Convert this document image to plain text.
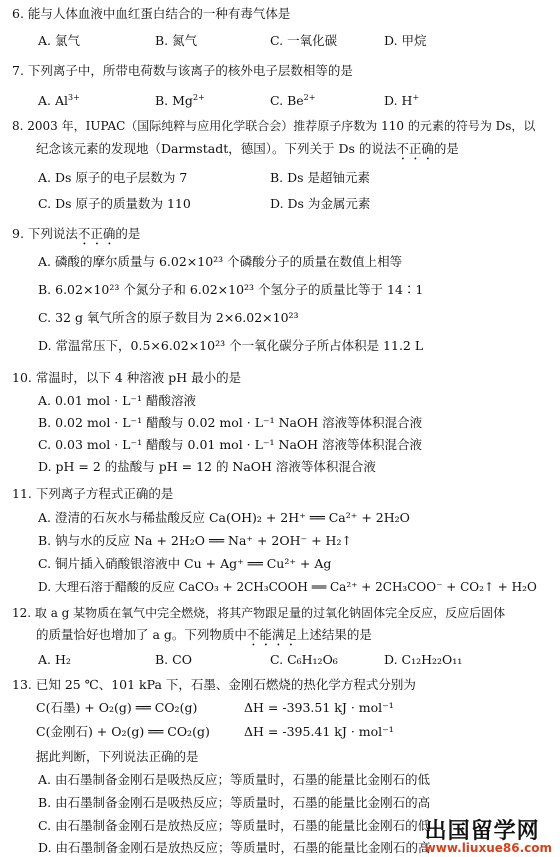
6. 能与人体血液中血红蛋白结合的一种有毒气体是
A. 氯气	B. 氮气	C. 一氧化碳	D. 甲烷
7. 下列离子中，所带电荷数与该离子的核外电子层数相等的是
A. $Al^{3+}$	B. $Mg^{2+}$	C. $Be^{2+}$	D. H+
8. 2003 年，IUPAC（国际纯粹与应用化学联合会）推荐原子序数为 110 的元素的符号为 Ds，以
纪念该元素的发现地（Darmstadt，德国）。下列关于 Ds 的说法不正确的是
A. Ds 原子的电子层数为 7	B. Ds 是超铀元素
C. Ds 原子的质量数为 110	D. Ds 为金属元素
9. 下列说法不正确的是
A. 磷酸的摩尔质量与 6.02×10²³ 个磷酸分子的质量在数值上相等
B. 6.02×10²³ 个氮分子和 6.02×10²³ 个氢分子的质量比等于 14∶1
C. 32 g 氧气所含的原子数目为 2×6.02×10²³
D. 常温常压下，0.5×6.02×10²³ 个一氧化碳分子所占体积是 11.2 L
10. 常温时，以下 4 种溶液 pH 最小的是
A. 0.01 mol · L⁻¹ 醋酸溶液
B. 0.02 mol · L⁻¹ 醋酸与 0.02 mol · L⁻¹ NaOH 溶液等体积混合液
C. 0.03 mol · L⁻¹ 醋酸与 0.01 mol · L⁻¹ NaOH 溶液等体积混合液
D. pH = 2 的盐酸与 pH = 12 的 NaOH 溶液等体积混合液
11. 下列离子方程式正确的是
A. 澄清的石灰水与稀盐酸反应 Ca(OH)₂ + 2H⁺ ══ Ca²⁺ + 2H₂O
B. 钠与水的反应 Na + 2H₂O ══ Na⁺ + 2OH⁻ + H₂↑
C. 铜片插入硝酸银溶液中 Cu + Ag⁺ ══ Cu²⁺ + Ag
D. 大理石溶于醋酸的反应 CaCO₃ + 2CH₃COOH ══ Ca²⁺ + 2CH₃COO⁻ + CO₂↑ + H₂O
12. 取 a g 某物质在氧气中完全燃烧，将其产物跟足量的过氧化钠固体完全反应，反应后固体
的质量恰好也增加了 a g。下列物质中不能满足上述结果的是
A. H₂	B. CO	C. C₆H₁₂O₆	D. C₁₂H₂₂O₁₁
13. 已知 25 ℃、101 kPa 下，石墨、金刚石燃烧的热化学方程式分别为
C(石墨) + O₂(g) ══ CO₂(g)	ΔH = -393.51 kJ · mol⁻¹
C(金刚石) + O₂(g) ══ CO₂(g)	ΔH = -395.41 kJ · mol⁻¹
据此判断，下列说法正确的是
A. 由石墨制备金刚石是吸热反应；等质量时，石墨的能量比金刚石的低
B. 由石墨制备金刚石是吸热反应；等质量时，石墨的能量比金刚石的高
C. 由石墨制备金刚石是放热反应；等质量时，石墨的能量比金刚石的低
D. 由石墨制备金刚石是放热反应；等质量时，石墨的能量比金刚石的高
出国留学网
www.liuxue86.com
